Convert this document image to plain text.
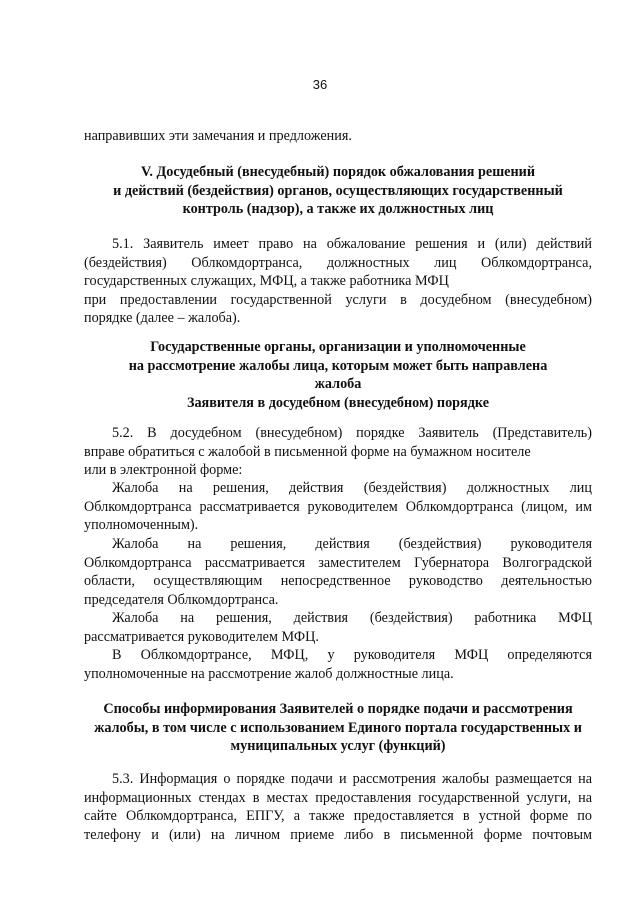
36
направивших эти замечания и предложения.
V. Досудебный (внесудебный) порядок обжалования решений
и действий (бездействия) органов, осуществляющих государственный
контроль (надзор), а также их должностных лиц
5.1. Заявитель имеет право на обжалование решения и (или) действий
(бездействия) Облкомдортранса, должностных лиц Облкомдортранса,
государственных служащих, МФЦ, а также работника МФЦ
при предоставлении государственной услуги в досудебном (внесудебном)
порядке (далее – жалоба).
Государственные органы, организации и уполномоченные
на рассмотрение жалобы лица, которым может быть направлена
жалоба
Заявителя в досудебном (внесудебном) порядке
5.2. В досудебном (внесудебном) порядке Заявитель (Представитель)
вправе обратиться с жалобой в письменной форме на бумажном носителе
или в электронной форме:
Жалоба на решения, действия (бездействия) должностных лиц
Облкомдортранса рассматривается руководителем Облкомдортранса (лицом, им
уполномоченным).
Жалоба на решения, действия (бездействия) руководителя
Облкомдортранса рассматривается заместителем Губернатора Волгоградской
области, осуществляющим непосредственное руководство деятельностью
председателя Облкомдортранса.
Жалоба на решения, действия (бездействия) работника МФЦ
рассматривается руководителем МФЦ.
В Облкомдортрансе, МФЦ, у руководителя МФЦ определяются
уполномоченные на рассмотрение жалоб должностные лица.
Способы информирования Заявителей о порядке подачи и рассмотрения
жалобы, в том числе с использованием Единого портала государственных и
муниципальных услуг (функций)
5.3. Информация о порядке подачи и рассмотрения жалобы размещается на
информационных стендах в местах предоставления государственной услуги, на
сайте Облкомдортранса, ЕПГУ, а также предоставляется в устной форме по
телефону и (или) на личном приеме либо в письменной форме почтовым
